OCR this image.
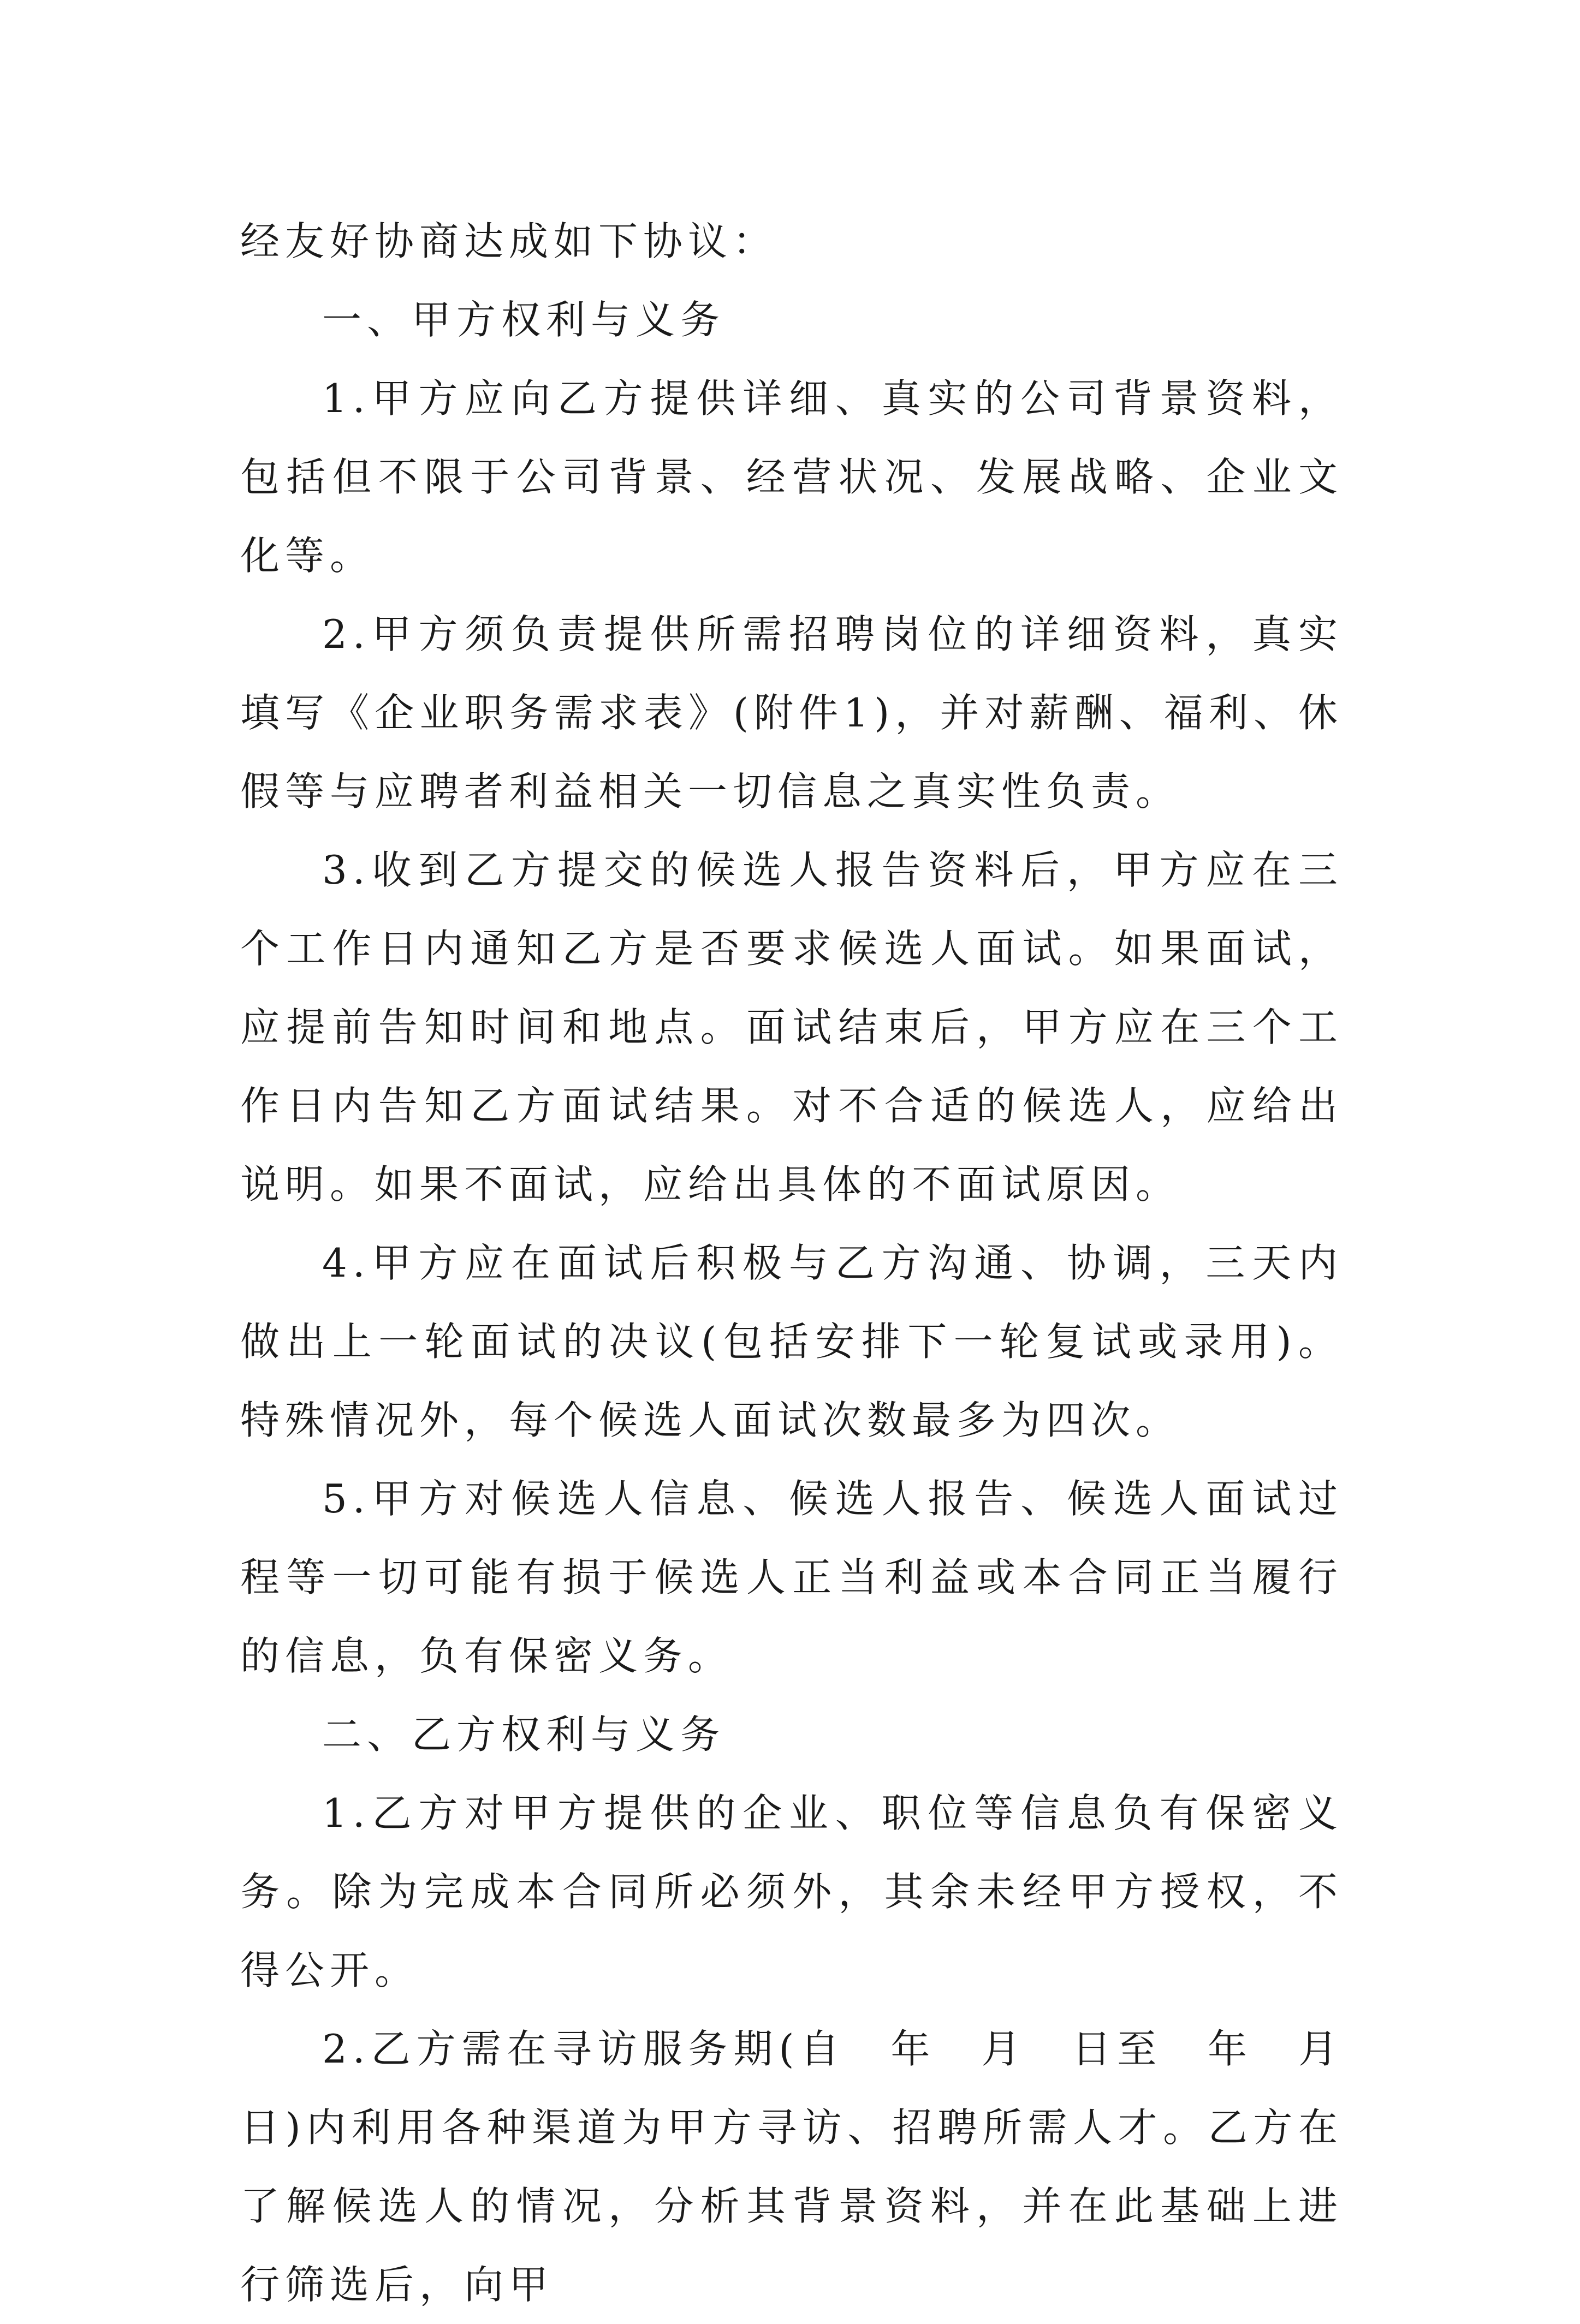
经友好协商达成如下协议：

一、甲方权利与义务

1.甲方应向乙方提供详细、真实的公司背景资料，包括但不限于公司背景、经营状况、发展战略、企业文化等。

2.甲方须负责提供所需招聘岗位的详细资料，真实填写《企业职务需求表》(附件1)，并对薪酬、福利、休假等与应聘者利益相关一切信息之真实性负责。

3.收到乙方提交的候选人报告资料后，甲方应在三个工作日内通知乙方是否要求候选人面试。如果面试，应提前告知时间和地点。面试结束后，甲方应在三个工作日内告知乙方面试结果。对不合适的候选人，应给出说明。如果不面试，应给出具体的不面试原因。

4.甲方应在面试后积极与乙方沟通、协调，三天内做出上一轮面试的决议(包括安排下一轮复试或录用)。特殊情况外，每个候选人面试次数最多为四次。

5.甲方对候选人信息、候选人报告、候选人面试过程等一切可能有损于候选人正当利益或本合同正当履行的信息，负有保密义务。

二、乙方权利与义务

1.乙方对甲方提供的企业、职位等信息负有保密义务。除为完成本合同所必须外，其余未经甲方授权，不得公开。

2.乙方需在寻访服务期(自　年　月　日至　年　月　日)内利用各种渠道为甲方寻访、招聘所需人才。乙方在了解候选人的情况，分析其背景资料，并在此基础上进行筛选后，向甲
